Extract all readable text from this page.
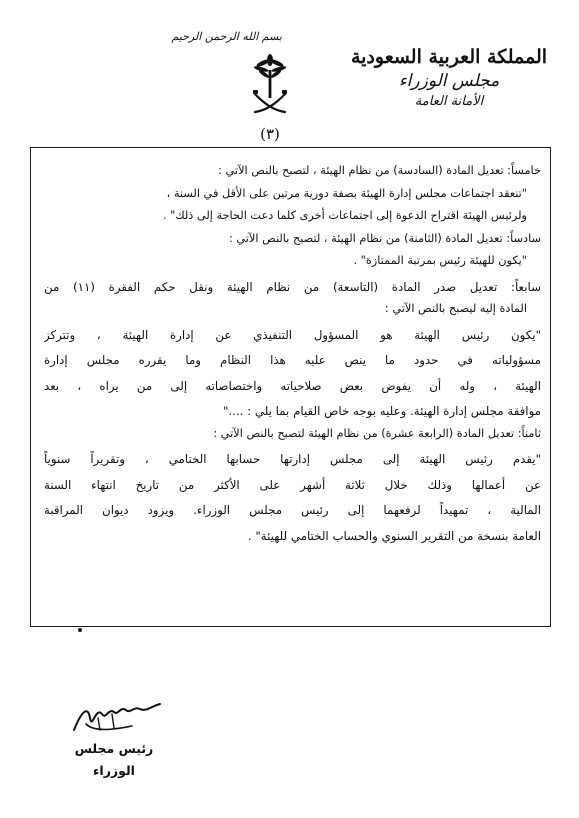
بسم الله الرحمن الرحيم
المملكة العربية السعودية
مجلس الوزراء
الأمانة العامة
(٣)
خامساً: تعديل المادة (السادسة) من نظام الهيئة ، لتصبح بالنص الآتي :
"تنعقد اجتماعات مجلس إدارة الهيئة بصفة دورية مرتين على الأقل في السنة ،
ولرئيس الهيئة اقتراح الدعوة إلى اجتماعات أخرى كلما دعت الحاجة إلى ذلك" .
سادساً: تعديل المادة (الثامنة) من نظام الهيئة ، لتصبح بالنص الآتي :
"يكون للهيئة رئيس بمرتبة الممتازة" .
سابعاً: تعديل صدر المادة (التاسعة) من نظام الهيئة ونقل حكم الفقرة (١١) من
المادة إليه ليصبح بالنص الآتي :
"يكون رئيس الهيئة هو المسؤول التنفيذي عن إدارة الهيئة ، وتتركز
مسؤولياته في حدود ما ينص عليه هذا النظام وما يقرره مجلس إدارة
الهيئة ، وله أن يفوض بعض صلاحياته واختصاصاته إلى من يراه ، بعد
موافقة مجلس إدارة الهيئة. وعليه بوجه خاص القيام بما يلي : ...."
ثامناً: تعديل المادة (الرابعة عشرة) من نظام الهيئة لتصبح بالنص الآتي :
"يقدم رئيس الهيئة إلى مجلس إدارتها حسابها الختامي ، وتقريراً سنوياً
عن أعمالها وذلك خلال ثلاثة أشهر على الأكثر من تاريخ انتهاء السنة
المالية ، تمهيداً لرفعهما إلى رئيس مجلس الوزراء. ويزود ديوان المراقبة
العامة بنسخة من التقرير السنوي والحساب الختامي للهيئة" .
رئيس مجلس الوزراء
